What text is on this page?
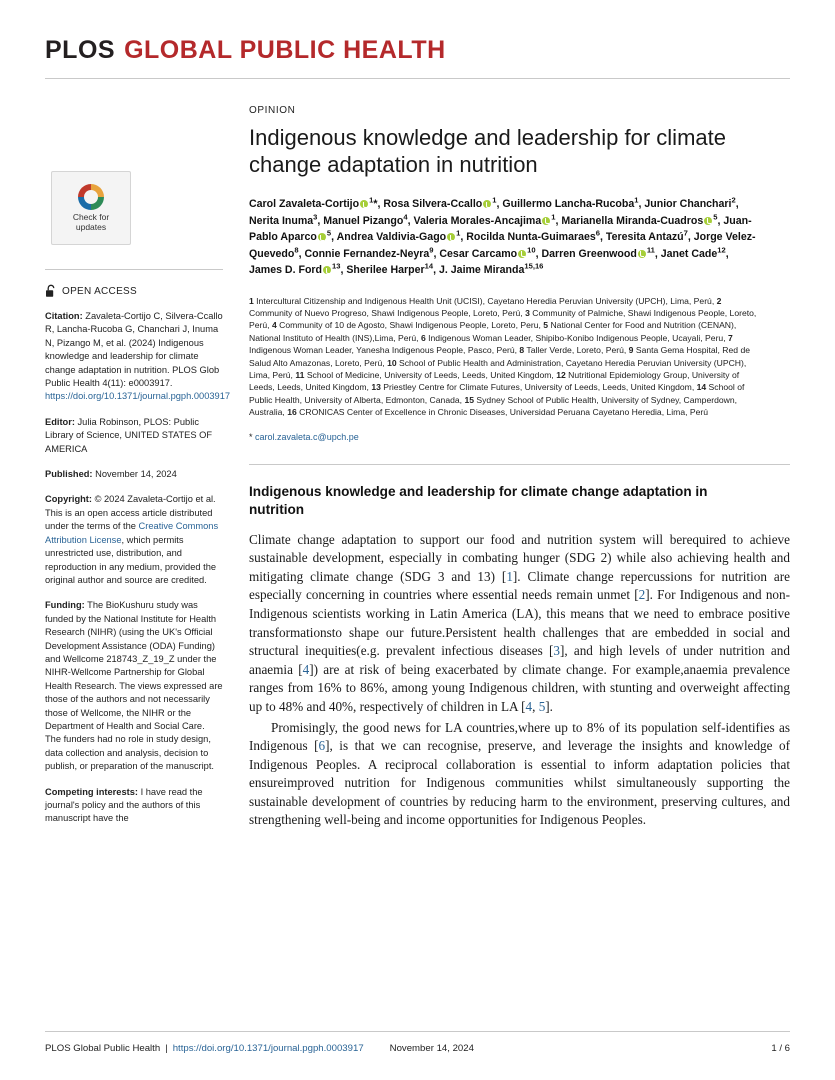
PLOS GLOBAL PUBLIC HEALTH
Check for
updates
OPEN ACCESS
Citation: Zavaleta-Cortijo C, Silvera-Ccallo R, Lancha-Rucoba G, Chanchari J, Inuma N, Pizango M, et al. (2024) Indigenous knowledge and leadership for climate change adaptation in nutrition. PLOS Glob Public Health 4(11): e0003917. https://doi.org/10.1371/journal.pgph.0003917
Editor: Julia Robinson, PLOS: Public Library of Science, UNITED STATES OF AMERICA
Published: November 14, 2024
Copyright: © 2024 Zavaleta-Cortijo et al. This is an open access article distributed under the terms of the Creative Commons Attribution License, which permits unrestricted use, distribution, and reproduction in any medium, provided the original author and source are credited.
Funding: The BioKushuru study was funded by the National Institute for Health Research (NIHR) (using the UK's Official Development Assistance (ODA) Funding) and Wellcome 218743_Z_19_Z under the NIHR-Wellcome Partnership for Global Health Research. The views expressed are those of the authors and not necessarily those of Wellcome, the NIHR or the Department of Health and Social Care. The funders had no role in study design, data collection and analysis, decision to publish, or preparation of the manuscript.
Competing interests: I have read the journal's policy and the authors of this manuscript have the
OPINION
Indigenous knowledge and leadership for climate change adaptation in nutrition
Carol Zavaleta-Cortijo $^1$*, Rosa Silvera-Ccallo $^1$, Guillermo Lancha-Rucoba$^1$, Junior Chanchari$^2$, Nerita Inuma$^3$, Manuel Pizango$^4$, Valeria Morales-Ancajima $^1$, Marianella Miranda-Cuadros $^5$, Juan-Pablo Aparco $^5$, Andrea Valdivia-Gago $^1$, Rocilda Nunta-Guimaraes$^6$, Teresita Antazú$^7$, Jorge Velez-Quevedo$^8$, Connie Fernandez-Neyra$^9$, Cesar Carcamo $^{10}$, Darren Greenwood $^{11}$, Janet Cade$^{12}$, James D. Ford $^{13}$, Sherilee Harper$^{14}$, J. Jaime Miranda$^{15,16}$
1 Intercultural Citizenship and Indigenous Health Unit (UCISI), Cayetano Heredia Peruvian University (UPCH), Lima, Perú, 2 Community of Nuevo Progreso, Shawi Indigenous People, Loreto, Perú, 3 Community of Palmiche, Shawi Indigenous People, Loreto, Perú, 4 Community of 10 de Agosto, Shawi Indigenous People, Loreto, Peru, 5 National Center for Food and Nutrition (CENAN), National Instituto of Health (INS),Lima, Perú, 6 Indigenous Woman Leader, Shipibo-Konibo Indigenous People, Ucayali, Peru, 7 Indigenous Woman Leader, Yanesha Indigenous People, Pasco, Perú, 8 Taller Verde, Loreto, Perú, 9 Santa Gema Hospital, Red de Salud Alto Amazonas, Loreto, Perú, 10 School of Public Health and Administration, Cayetano Heredia Peruvian University (UPCH), Lima, Perú, 11 School of Medicine, University of Leeds, Leeds, United Kingdom, 12 Nutritional Epidemiology Group, University of Leeds, Leeds, United Kingdom, 13 Priestley Centre for Climate Futures, University of Leeds, Leeds, United Kingdom, 14 School of Public Health, University of Alberta, Edmonton, Canada, 15 Sydney School of Public Health, University of Sydney, Camperdown, Australia, 16 CRONICAS Center of Excellence in Chronic Diseases, Universidad Peruana Cayetano Heredia, Lima, Perú
* carol.zavaleta.c@upch.pe
Indigenous knowledge and leadership for climate change adaptation in nutrition

Climate change adaptation to support our food and nutrition system will berequired to achieve sustainable development, especially in combating hunger (SDG 2) while also achieving health and mitigating climate change (SDG 3 and 13) [1]. Climate change repercussions for nutrition are especially concerning in countries where essential needs remain unmet [2]. For Indigenous and non-Indigenous scientists working in Latin America (LA), this means that we need to embrace positive transformationsto shape our future.Persistent health challenges that are embedded in social and structural inequities(e.g. prevalent infectious diseases [3], and high levels of under nutrition and anaemia [4]) are at risk of being exacerbated by climate change. For example,anaemia prevalence ranges from 16% to 86%, among young Indigenous children, with stunting and overweight affecting up to 48% and 40%, respectively of children in LA [4, 5].

Promisingly, the good news for LA countries,where up to 8% of its population self-identifies as Indigenous [6], is that we can recognise, preserve, and leverage the insights and knowledge of Indigenous Peoples. A reciprocal collaboration is essential to inform adaptation policies that ensureimproved nutrition for Indigenous communities whilst simultaneously supporting the sustainable development of countries by reducing harm to the environment, preserving cultures, and strengthening well-being and income opportunities for Indigenous Peoples.

PLOS Global Public Health | https://doi.org/10.1371/journal.pgph.0003917	November 14, 2024	1 / 6
